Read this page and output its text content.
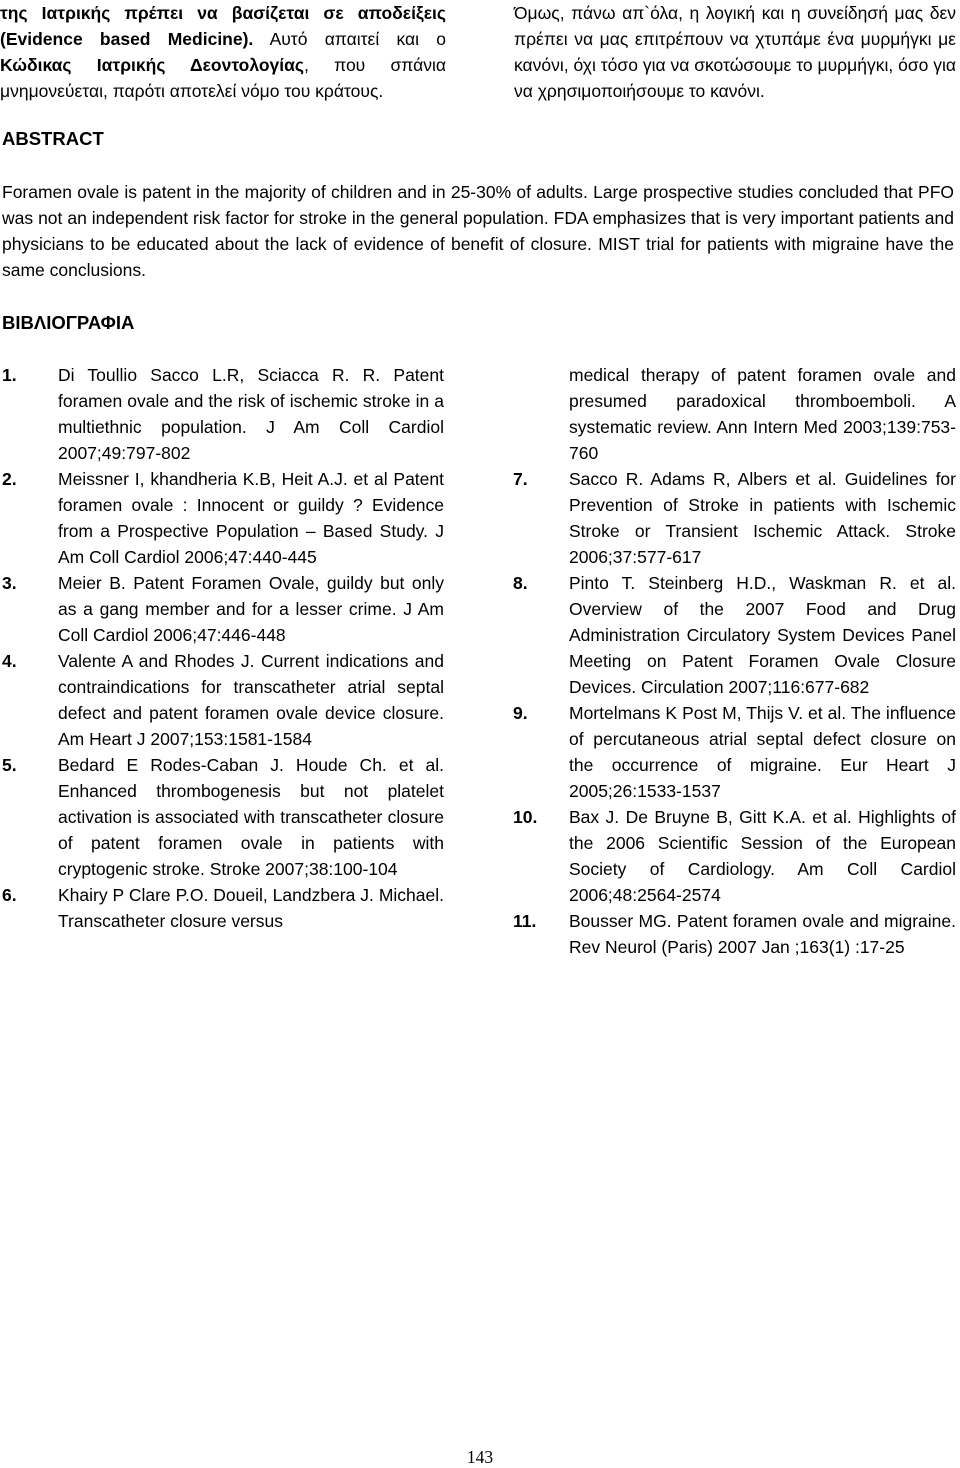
της Ιατρικής πρέπει να βασίζεται σε αποδείξεις (Evidence based Medicine). Αυτό απαιτεί και ο Κώδικας Ιατρικής Δεοντολογίας, που σπάνια μνημονεύεται, παρότι αποτελεί νόμο του κράτους.
Όμως, πάνω απ`όλα, η λογική και η συνείδησή μας δεν πρέπει να μας επιτρέπουν να χτυπάμε ένα μυρμήγκι με κανόνι, όχι τόσο για να σκοτώσουμε το μυρμήγκι, όσο για να χρησιμοποιήσουμε το κανόνι.
ABSTRACT
Foramen ovale is patent in the majority of children and in 25-30% of adults. Large prospective studies concluded that PFO was not an independent risk factor for stroke in the general population. FDA emphasizes that is very important patients and physicians to be educated about the lack of evidence of benefit of closure. MIST trial for patients with migraine have the same conclusions.
ΒΙΒΛΙΟΓΡΑΦΙΑ
1. Di Toullio Sacco L.R, Sciacca R. R. Patent foramen ovale and the risk of ischemic stroke in a multiethnic population. J Am Coll Cardiol 2007;49:797-802
2. Meissner I, khandheria K.B, Heit A.J. et al Patent foramen ovale : Innocent or guildy ? Evidence from a Prospective Population – Based Study. J Am Coll Cardiol 2006;47:440-445
3. Meier B. Patent Foramen Ovale, guildy but only as a gang member and for a lesser crime. J Am Coll Cardiol 2006;47:446-448
4. Valente A and Rhodes J. Current indications and contraindications for transcatheter atrial septal defect and patent foramen ovale device closure. Am Heart J 2007;153:1581-1584
5. Bedard E Rodes-Caban J. Houde Ch. et al. Enhanced thrombogenesis but not platelet activation is associated with transcatheter closure of patent foramen ovale in patients with cryptogenic stroke. Stroke 2007;38:100-104
6. Khairy P Clare P.O. Doueil, Landzbera J. Michael. Transcatheter closure versus
medical therapy of patent foramen ovale and presumed paradoxical thromboemboli. A systematic review. Ann Intern Med 2003;139:753-760
7. Sacco R. Adams R, Albers et al. Guidelines for Prevention of Stroke in patients with Ischemic Stroke or Transient Ischemic Attack. Stroke 2006;37:577-617
8. Pinto T. Steinberg H.D., Waskman R. et al. Overview of the 2007 Food and Drug Administration Circulatory System Devices Panel Meeting on Patent Foramen Ovale Closure Devices. Circulation 2007;116:677-682
9. Mortelmans K Post M, Thijs V. et al. The influence of percutaneous atrial septal defect closure on the occurrence of migraine. Eur Heart J 2005;26:1533-1537
10. Bax J. De Bruyne B, Gitt K.A. et al. Highlights of the 2006 Scientific Session of the European Society of Cardiology. Am Coll Cardiol 2006;48:2564-2574
11. Bousser MG. Patent foramen ovale and migraine. Rev Neurol (Paris) 2007 Jan ;163(1) :17-25
143
